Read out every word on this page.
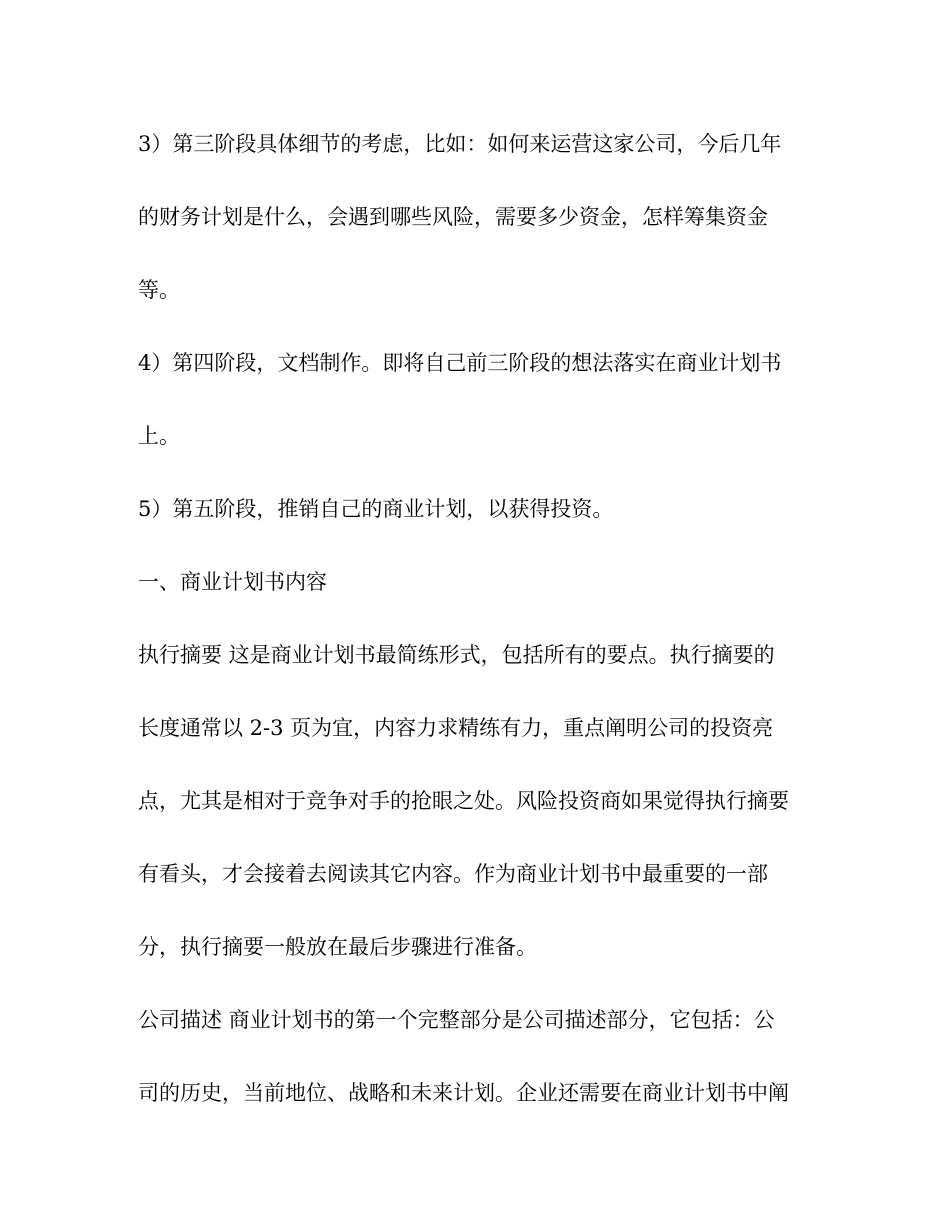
3）第三阶段具体细节的考虑，比如：如何来运营这家公司，今后几年
的财务计划是什么，会遇到哪些风险，需要多少资金，怎样筹集资金
等。
4）第四阶段，文档制作。即将自己前三阶段的想法落实在商业计划书
上。
5）第五阶段，推销自己的商业计划，以获得投资。
一、商业计划书内容
执行摘要 这是商业计划书最简练形式，包括所有的要点。执行摘要的
长度通常以 2-3 页为宜，内容力求精练有力，重点阐明公司的投资亮
点，尤其是相对于竞争对手的抢眼之处。风险投资商如果觉得执行摘要
有看头，才会接着去阅读其它内容。作为商业计划书中最重要的一部
分，执行摘要一般放在最后步骤进行准备。
公司描述 商业计划书的第一个完整部分是公司描述部分，它包括：公
司的历史，当前地位、战略和未来计划。企业还需要在商业计划书中阐
